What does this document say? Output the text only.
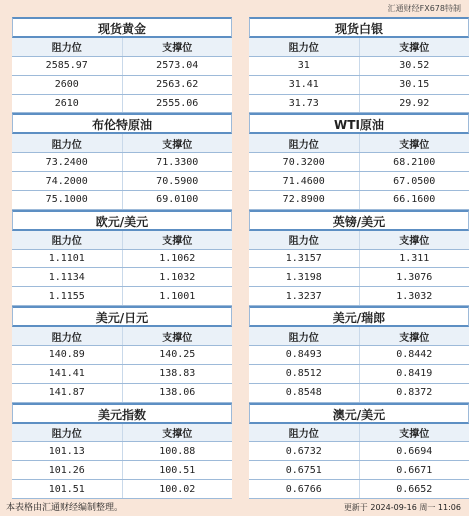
汇通财经FX678特制
现货黄金
阻力位	支撑位
2585.97	2573.04
2600	2563.62
2610	2555.06
布伦特原油
阻力位	支撑位
73.2400	71.3300
74.2000	70.5900
75.1000	69.0100
欧元/美元
阻力位	支撑位
1.1101	1.1062
1.1134	1.1032
1.1155	1.1001
美元/日元
阻力位	支撑位
140.89	140.25
141.41	138.83
141.87	138.06
美元指数
阻力位	支撑位
101.13	100.88
101.26	100.51
101.51	100.02
现货白银
阻力位	支撑位
31	30.52
31.41	30.15
31.73	29.92
WTI原油
阻力位	支撑位
70.3200	68.2100
71.4600	67.0500
72.8900	66.1600
英镑/美元
阻力位	支撑位
1.3157	1.311
1.3198	1.3076
1.3237	1.3032
美元/瑞郎
阻力位	支撑位
0.8493	0.8442
0.8512	0.8419
0.8548	0.8372
澳元/美元
阻力位	支撑位
0.6732	0.6694
0.6751	0.6671
0.6766	0.6652
本表格由汇通财经编制整理。	更新于 2024-09-16 周一 11:06
